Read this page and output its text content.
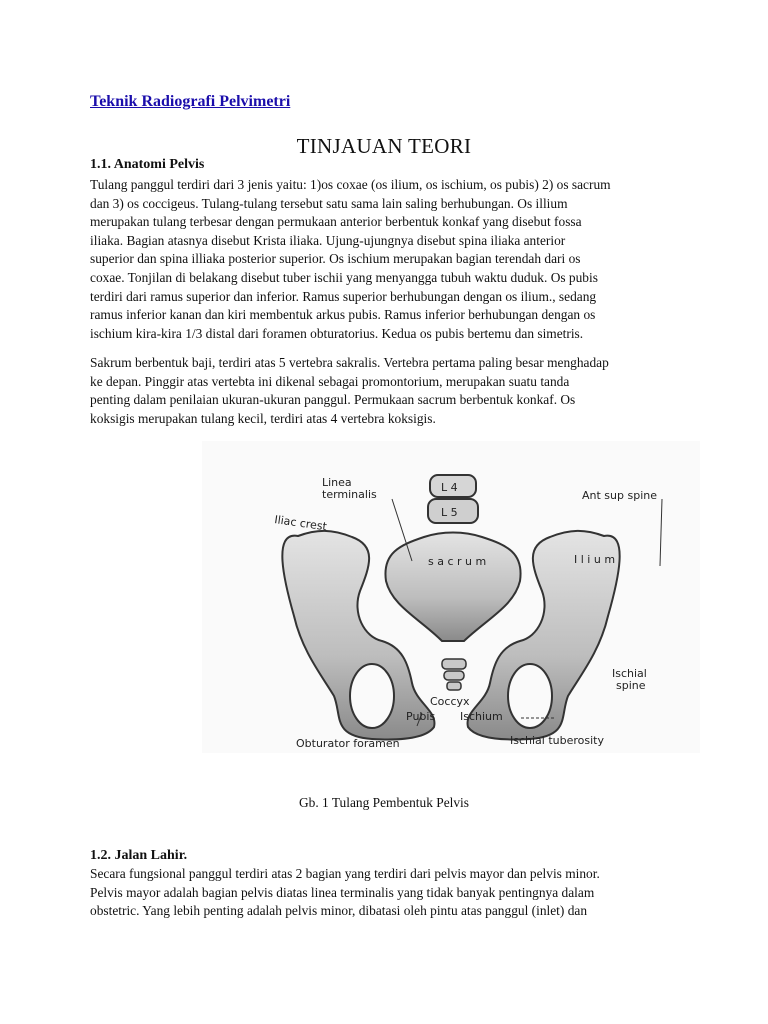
Teknik Radiografi Pelvimetri
TINJAUAN TEORI
1.1. Anatomi Pelvis
Tulang panggul terdiri dari 3 jenis yaitu: 1)os coxae (os ilium, os ischium, os pubis) 2) os sacrum
dan 3) os coccigeus. Tulang-tulang tersebut satu sama lain saling berhubungan. Os illium
merupakan tulang terbesar dengan permukaan anterior berbentuk konkaf yang disebut fossa
iliaka. Bagian atasnya disebut Krista iliaka. Ujung-ujungnya disebut spina iliaka anterior
superior dan spina illiaka posterior superior. Os ischium merupakan bagian terendah dari os
coxae. Tonjilan di belakang disebut tuber ischii yang menyangga tubuh waktu duduk. Os pubis
terdiri dari ramus superior dan inferior. Ramus superior berhubungan dengan os ilium., sedang
ramus inferior kanan dan kiri membentuk arkus pubis. Ramus inferior berhubungan dengan os
ischium kira-kira 1/3 distal dari foramen obturatorius. Kedua os pubis bertemu dan simetris.
Sakrum berbentuk baji, terdiri atas 5 vertebra sakralis. Vertebra pertama paling besar menghadap
ke depan. Pinggir atas vertebta ini dikenal sebagai promontorium, merupakan suatu tanda
penting dalam penilaian ukuran-ukuran panggul. Permukaan sacrum berbentuk konkaf. Os
koksigis merupakan tulang kecil, terdiri atas 4 vertebra koksigis.
Linea
terminalis
Iliac crest
L 4
L 5
s a c r u m
Ant sup spine
I l i u m
Ischial
spine
Coccyx
Pubis Ischium
Obturator foramen	Ischial tuberosity
Gb. 1 Tulang Pembentuk Pelvis
1.2. Jalan Lahir.
Secara fungsional panggul terdiri atas 2 bagian yang terdiri dari pelvis mayor dan pelvis minor.
Pelvis mayor adalah bagian pelvis diatas linea terminalis yang tidak banyak pentingnya dalam
obstetric. Yang lebih penting adalah pelvis minor, dibatasi oleh pintu atas panggul (inlet) dan
